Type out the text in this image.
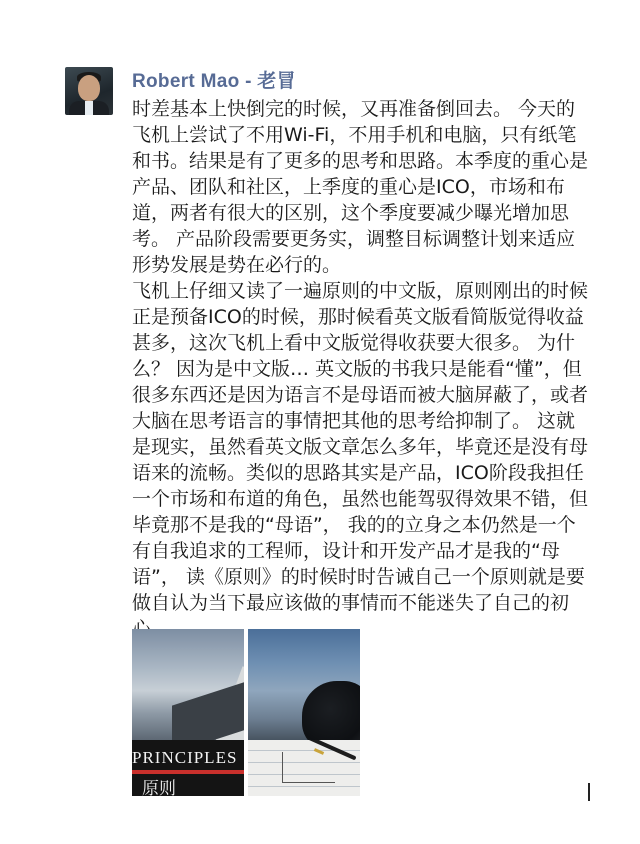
Robert Mao - 老冒

时差基本上快倒完的时候，又再准备倒回去。 今天的飞机上尝试了不用Wi-Fi，不用手机和电脑，只有纸笔和书。结果是有了更多的思考和思路。本季度的重心是产品、团队和社区，上季度的重心是ICO，市场和布道，两者有很大的区别，这个季度要减少曝光增加思考。 产品阶段需要更务实，调整目标调整计划来适应形势发展是势在必行的。

飞机上仔细又读了一遍原则的中文版，原则刚出的时候正是预备ICO的时候，那时候看英文版看简版觉得收益甚多，这次飞机上看中文版觉得收获要大很多。 为什么？ 因为是中文版… 英文版的书我只是能看“懂”，但很多东西还是因为语言不是母语而被大脑屏蔽了，或者大脑在思考语言的事情把其他的思考给抑制了。 这就是现实，虽然看英文版文章怎么多年，毕竟还是没有母语来的流畅。类似的思路其实是产品，ICO阶段我担任一个市场和布道的角色，虽然也能驾驭得效果不错，但毕竟那不是我的“母语”， 我的的立身之本仍然是一个有自我追求的工程师，设计和开发产品才是我的“母语”， 读《原则》的时候时时告诫自己一个原则就是要做自认为当下最应该做的事情而不能迷失了自己的初

PRINCIPLES
原则
